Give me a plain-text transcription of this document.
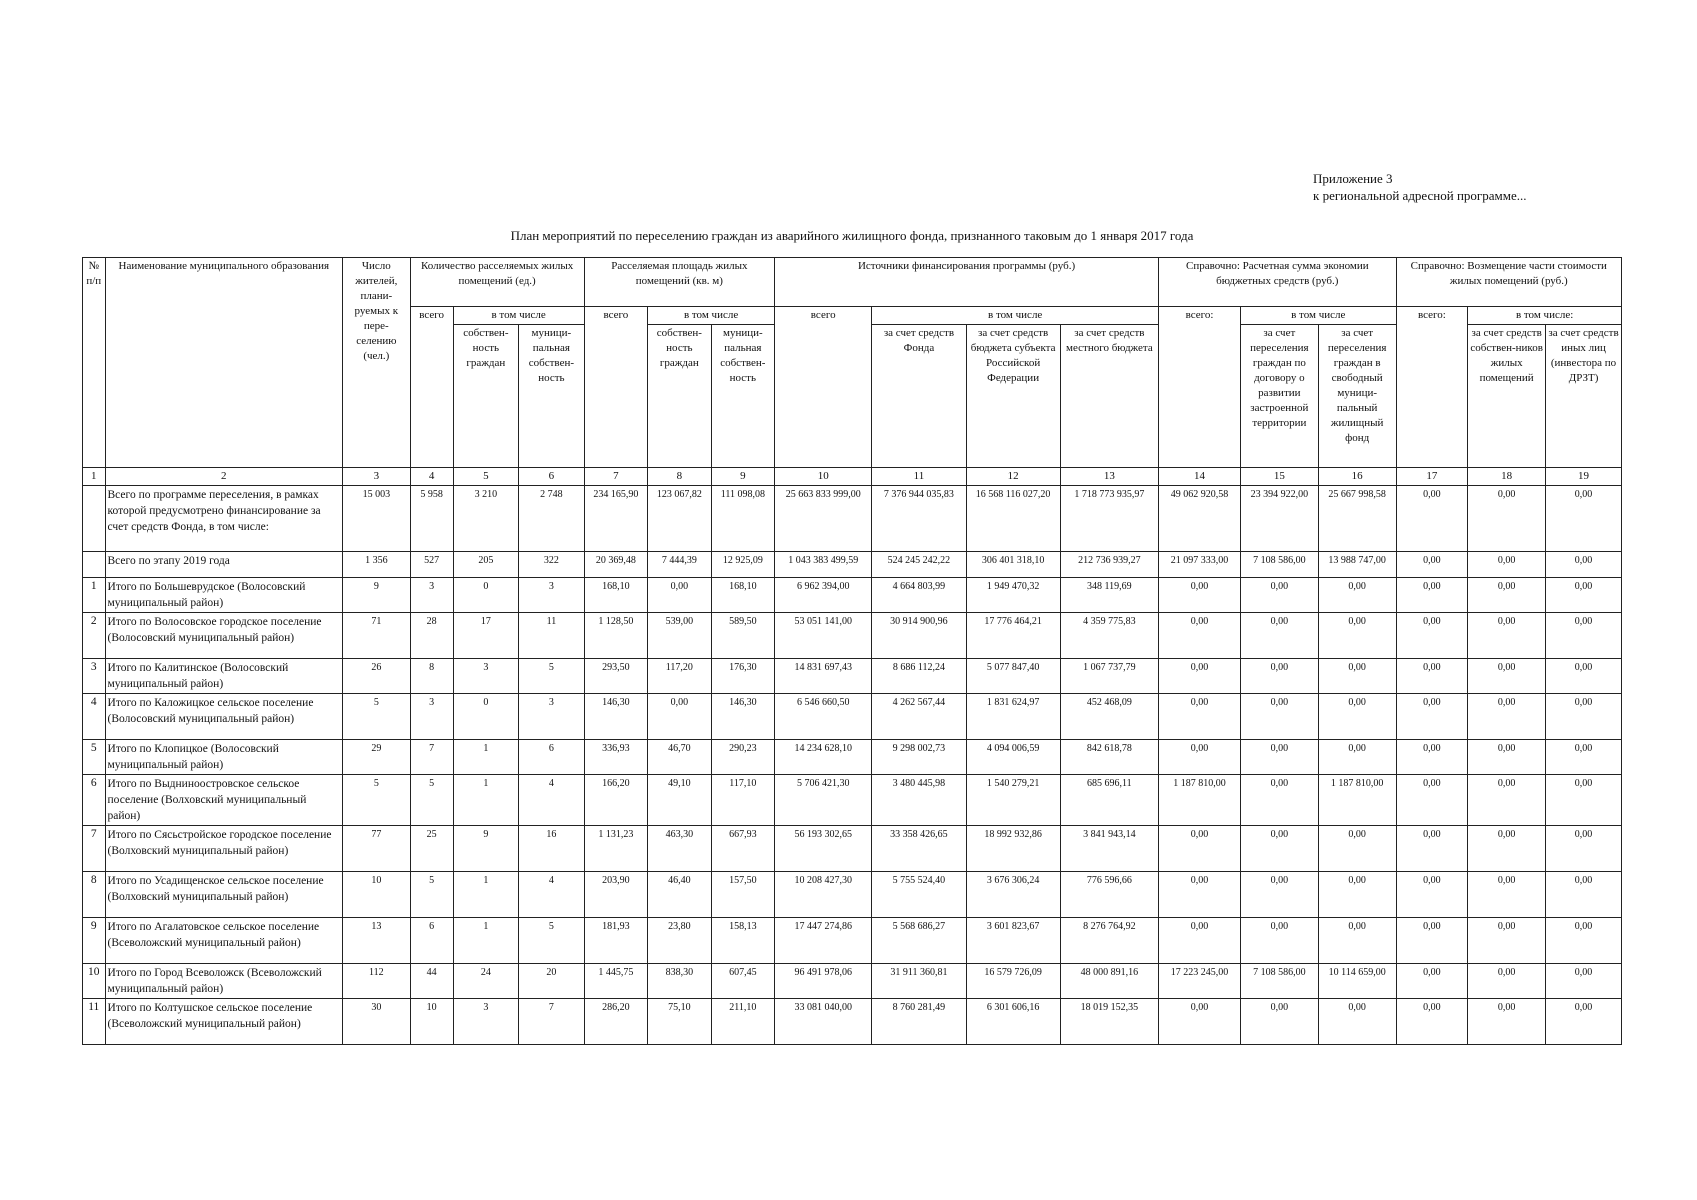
Приложение 3
к региональной адресной программе...
План мероприятий по переселению граждан из аварийного жилищного фонда, признанного таковым до 1 января 2017 года
№ п/п	Наименование муниципального образования	Число жителей, плани-руемых к пере-селению (чел.)	Количество расселяемых жилых помещений (ед.)			Расселяемая площадь жилых помещений (кв. м)			Источники финансирования программы (руб.)				Справочно: Расчетная сумма экономии бюджетных средств (руб.)			Справочно: Возмещение части стоимости жилых помещений (руб.)		
			всего	в том числе		всего	в том числе		всего	в том числе			всего:	в том числе		всего:	в том числе:	
				собствен-ность граждан	муници-пальная собствен-ность		собствен-ность граждан	муници-пальная собствен-ность		за счет средств Фонда	за счет средств бюджета субъекта Российской Федерации	за счет средств местного бюджета		за счет переселения граждан по договору о развитии застроенной территории	за счет переселения граждан в свободный муници-пальный жилищный фонд		за счет средств собствен-ников жилых помещений	за счет средств иных лиц (инвестора по ДРЗТ)
1	2	3	4	5	6	7	8	9	10	11	12	13	14	15	16	17	18	19
	Всего по программе переселения, в рамках которой предусмотрено финансирование за счет средств Фонда, в том числе:	15 003	5 958	3 210	2 748	234 165,90	123 067,82	111 098,08	25 663 833 999,00	7 376 944 035,83	16 568 116 027,20	1 718 773 935,97	49 062 920,58	23 394 922,00	25 667 998,58	0,00	0,00	0,00
	Всего по этапу 2019 года	1 356	527	205	322	20 369,48	7 444,39	12 925,09	1 043 383 499,59	524 245 242,22	306 401 318,10	212 736 939,27	21 097 333,00	7 108 586,00	13 988 747,00	0,00	0,00	0,00
1	Итого по Большеврудское (Волосовский муниципальный район)	9	3	0	3	168,10	0,00	168,10	6 962 394,00	4 664 803,99	1 949 470,32	348 119,69	0,00	0,00	0,00	0,00	0,00	0,00
2	Итого по Волосовское городское поселение (Волосовский муниципальный район)	71	28	17	11	1 128,50	539,00	589,50	53 051 141,00	30 914 900,96	17 776 464,21	4 359 775,83	0,00	0,00	0,00	0,00	0,00	0,00
3	Итого по Калитинское (Волосовский муниципальный район)	26	8	3	5	293,50	117,20	176,30	14 831 697,43	8 686 112,24	5 077 847,40	1 067 737,79	0,00	0,00	0,00	0,00	0,00	0,00
4	Итого по Каложицкое сельское поселение (Волосовский муниципальный район)	5	3	0	3	146,30	0,00	146,30	6 546 660,50	4 262 567,44	1 831 624,97	452 468,09	0,00	0,00	0,00	0,00	0,00	0,00
5	Итого по Клопицкое (Волосовский муниципальный район)	29	7	1	6	336,93	46,70	290,23	14 234 628,10	9 298 002,73	4 094 006,59	842 618,78	0,00	0,00	0,00	0,00	0,00	0,00
6	Итого по Выдниноостровское сельское поселение (Волховский муниципальный район)	5	5	1	4	166,20	49,10	117,10	5 706 421,30	3 480 445,98	1 540 279,21	685 696,11	1 187 810,00	0,00	1 187 810,00	0,00	0,00	0,00
7	Итого по Сясьстройское городское поселение (Волховский муниципальный район)	77	25	9	16	1 131,23	463,30	667,93	56 193 302,65	33 358 426,65	18 992 932,86	3 841 943,14	0,00	0,00	0,00	0,00	0,00	0,00
8	Итого по Усадищенское сельское поселение (Волховский муниципальный район)	10	5	1	4	203,90	46,40	157,50	10 208 427,30	5 755 524,40	3 676 306,24	776 596,66	0,00	0,00	0,00	0,00	0,00	0,00
9	Итого по Агалатовское сельское поселение (Всеволожский муниципальный район)	13	6	1	5	181,93	23,80	158,13	17 447 274,86	5 568 686,27	3 601 823,67	8 276 764,92	0,00	0,00	0,00	0,00	0,00	0,00
10	Итого по Город Всеволожск (Всеволожский муниципальный район)	112	44	24	20	1 445,75	838,30	607,45	96 491 978,06	31 911 360,81	16 579 726,09	48 000 891,16	17 223 245,00	7 108 586,00	10 114 659,00	0,00	0,00	0,00
11	Итого по Колтушское сельское поселение (Всеволожский муниципальный район)	30	10	3	7	286,20	75,10	211,10	33 081 040,00	8 760 281,49	6 301 606,16	18 019 152,35	0,00	0,00	0,00	0,00	0,00	0,00
